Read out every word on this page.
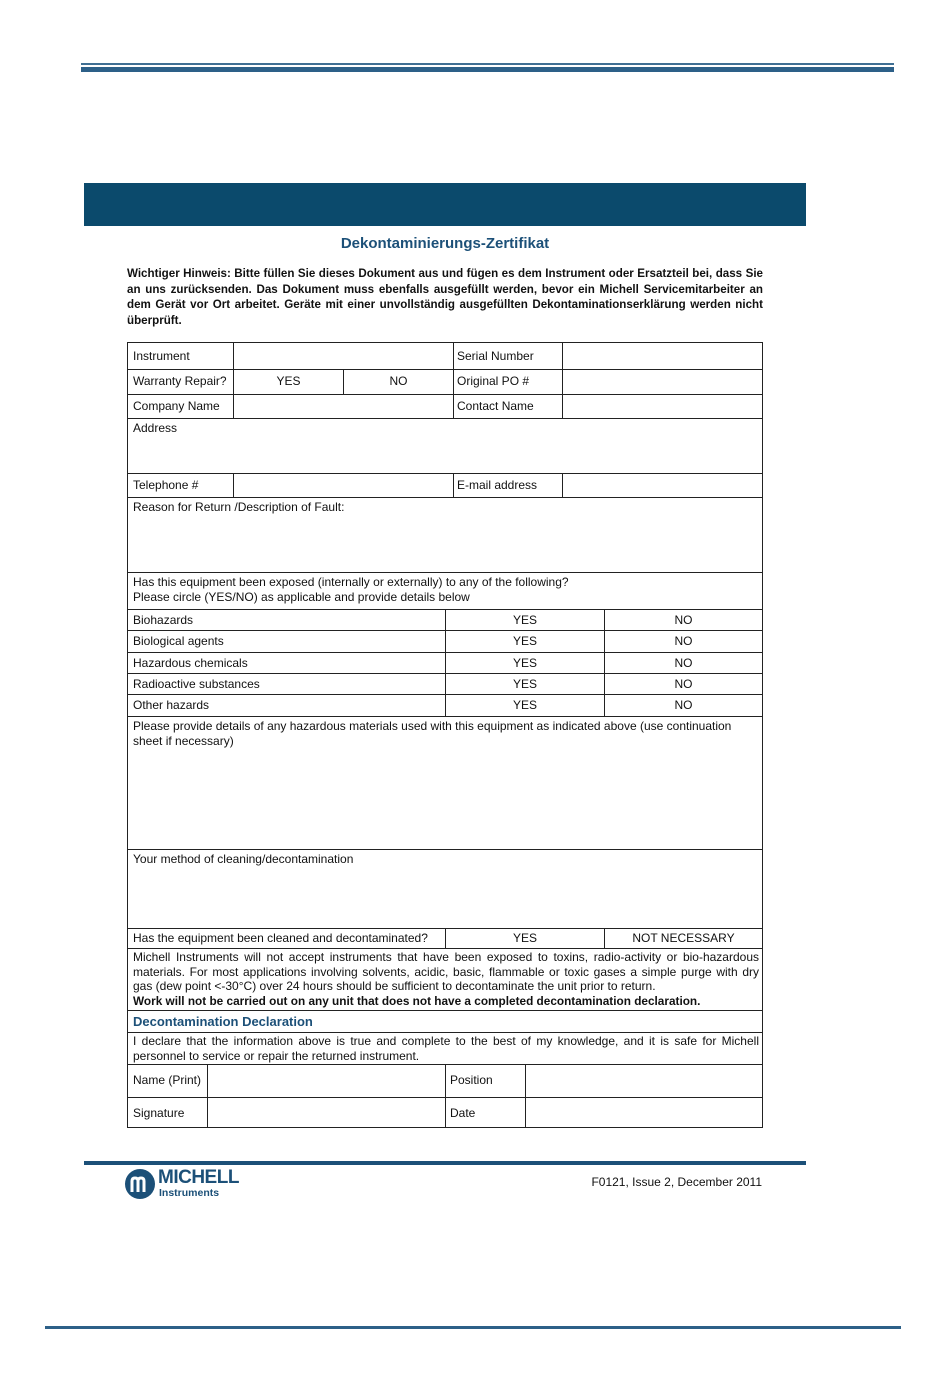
Dekontaminierungs-Zertifikat
Wichtiger Hinweis: Bitte füllen Sie dieses Dokument aus und fügen es dem Instrument oder Ersatzteil bei, dass Sie an uns zurücksenden. Das Dokument muss ebenfalls ausgefüllt werden, bevor ein Michell Servicemitarbeiter an dem Gerät vor Ort arbeitet. Geräte mit einer unvollständig ausgefüllten Dekontaminationserklärung werden nicht überprüft.
Instrument	Serial Number
Warranty Repair?	YES	NO	Original PO #
Company Name	Contact Name
Address
Telephone #	E-mail address
Reason for Return /Description of Fault:
Has this equipment been exposed (internally or externally) to any of the following?
Please circle (YES/NO) as applicable and provide details below
Biohazards	YES	NO
Biological agents	YES	NO
Hazardous chemicals	YES	NO
Radioactive substances	YES	NO
Other hazards	YES	NO
Please provide details of any hazardous materials used with this equipment as indicated above (use continuation sheet if necessary)
Your method of cleaning/decontamination
Has the equipment been cleaned and decontaminated?	YES	NOT NECESSARY
Michell Instruments will not accept instruments that have been exposed to toxins, radio-activity or bio-hazardous materials. For most applications involving solvents, acidic, basic, flammable or toxic gases a simple purge with dry gas (dew point <-30°C) over 24 hours should be sufficient to decontaminate the unit prior to return.
Work will not be carried out on any unit that does not have a completed decontamination declaration.
Decontamination Declaration
I declare that the information above is true and complete to the best of my knowledge, and it is safe for Michell personnel to service or repair the returned instrument.
Name (Print)	Position
Signature	Date
MICHELL
Instruments
F0121, Issue 2, December 2011
